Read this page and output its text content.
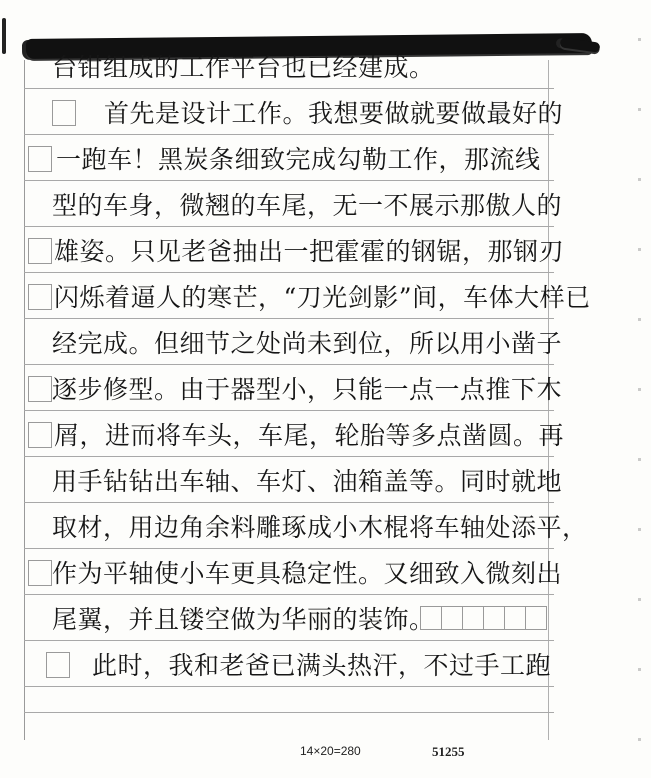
台钳组成的工作平台也已经建成。
首先是设计工作。我想要做就要做最好的
一跑车！黑炭条细致完成勾勒工作，那流线
型的车身，微翘的车尾，无一不展示那傲人的
雄姿。只见老爸抽出一把霍霍的钢锯，那钢刃
闪烁着逼人的寒芒，“刀光剑影”间，车体大样已
经完成。但细节之处尚未到位，所以用小凿子
逐步修型。由于器型小，只能一点一点推下木
屑，进而将车头，车尾，轮胎等多点凿圆。再
用手钻钻出车轴、车灯、油箱盖等。同时就地
取材，用边角余料雕琢成小木棍将车轴处添平，
作为平轴使小车更具稳定性。又细致入微刻出
尾翼，并且镂空做为华丽的装饰。
此时，我和老爸已满头热汗，不过手工跑
14×20=280	51255
